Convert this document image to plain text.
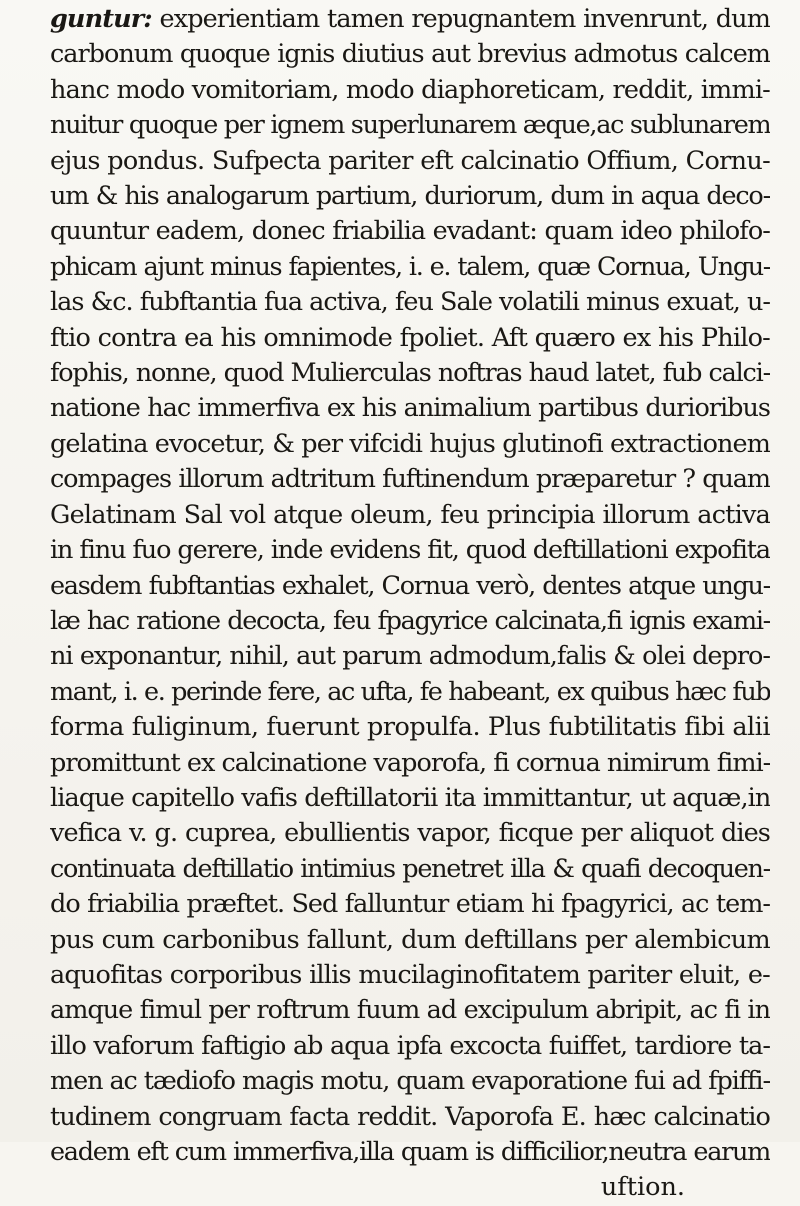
guntur: experientiam tamen repugnantem invenrunt, dum
carbonum quoque ignis diutius aut brevius admotus calcem
hanc modo vomitoriam, modo diaphoreticam, reddit, immi-
nuitur quoque per ignem superlunarem æque,ac sublunarem
ejus pondus. Sufpecta pariter eft calcinatio Offium, Cornu-
um & his analogarum partium, duriorum, dum in aqua deco-
quuntur eadem, donec friabilia evadant: quam ideo philofo-
phicam ajunt minus fapientes, i. e. talem, quæ Cornua, Ungu-
las &c. fubftantia fua activa, feu Sale volatili minus exuat, u-
ftio contra ea his omnimode fpoliet. Aft quæro ex his Philo-
fophis, nonne, quod Mulierculas noftras haud latet, fub calci-
natione hac immerfiva ex his animalium partibus durioribus
gelatina evocetur, & per vifcidi hujus glutinofi extractionem
compages illorum adtritum fuftinendum præparetur ? quam
Gelatinam Sal vol atque oleum, feu principia illorum activa
in finu fuo gerere, inde evidens fit, quod deftillationi expofita
easdem fubftantias exhalet, Cornua verò, dentes atque ungu-
læ hac ratione decocta, feu fpagyrice calcinata,fi ignis exami-
ni exponantur, nihil, aut parum admodum,falis & olei depro-
mant, i. e. perinde fere, ac ufta, fe habeant, ex quibus hæc fub
forma fuliginum, fuerunt propulfa. Plus fubtilitatis fibi alii
promittunt ex calcinatione vaporofa, fi cornua nimirum fimi-
liaque capitello vafis deftillatorii ita immittantur, ut aquæ,in
vefica v. g. cuprea, ebullientis vapor, ficque per aliquot dies
continuata deftillatio intimius penetret illa & quafi decoquen-
do friabilia præftet. Sed falluntur etiam hi fpagyrici, ac tem-
pus cum carbonibus fallunt, dum deftillans per alembicum
aquofitas corporibus illis mucilaginofitatem pariter eluit, e-
amque fimul per roftrum fuum ad excipulum abripit, ac fi in
illo vaforum faftigio ab aqua ipfa excocta fuiffet, tardiore ta-
men ac tædiofo magis motu, quam evaporatione fui ad fpiffi-
tudinem congruam facta reddit. Vaporofa E. hæc calcinatio
eadem eft cum immerfiva,illa quam is difficilior,neutra earum
uftion.
